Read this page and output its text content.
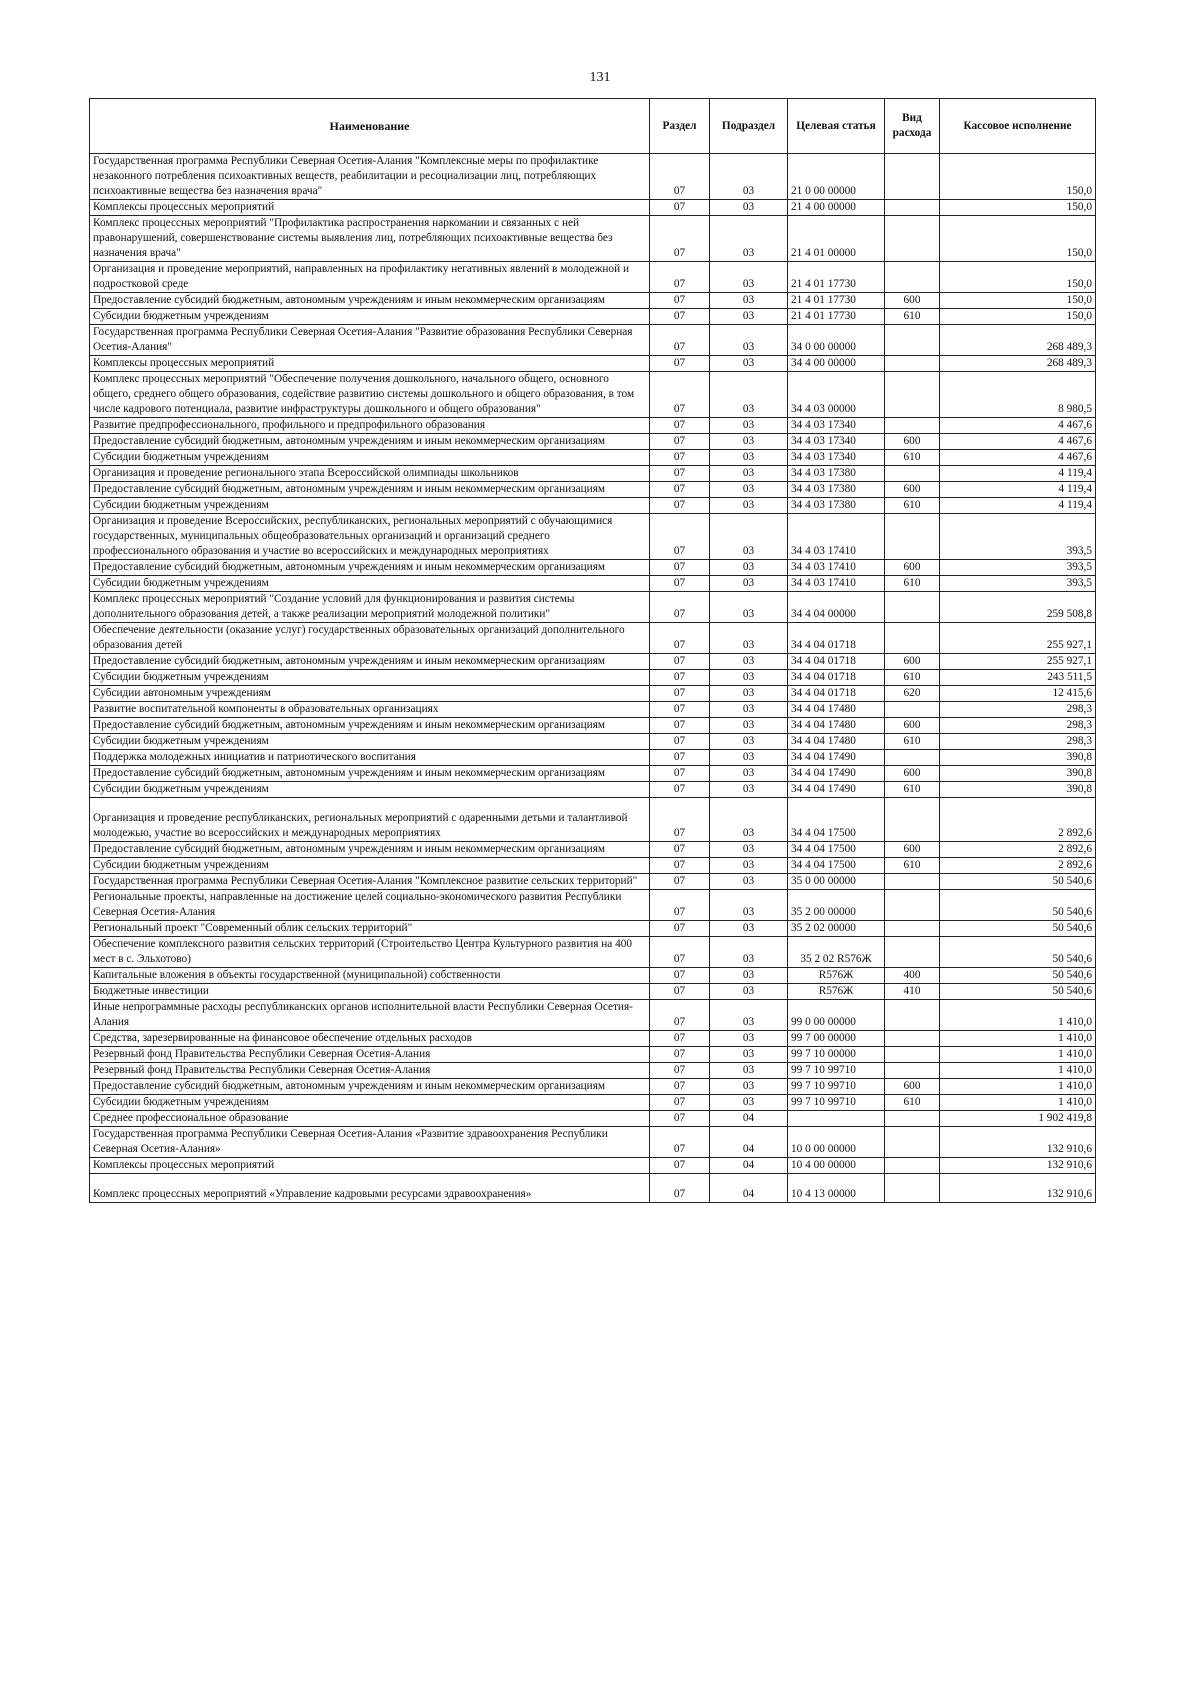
131
Наименование	Раздел	Подраздел	Целевая статья	Вид расхода	Кассовое исполнение
Государственная программа Республики Северная Осетия-Алания "Комплексные меры по профилактике незаконного потребления психоактивных веществ, реабилитации и ресоциализации лиц, потребляющих психоактивные вещества без назначения врача"	07	03	21 0 00 00000		150,0
Комплексы процессных мероприятий	07	03	21 4 00 00000		150,0
Комплекс процессных мероприятий "Профилактика распространения наркомании и связанных с ней правонарушений, совершенствование системы выявления лиц, потребляющих психоактивные вещества без назначения врача"	07	03	21 4 01 00000		150,0
Организация и проведение мероприятий, направленных на профилактику негативных явлений в молодежной и подростковой среде	07	03	21 4 01 17730		150,0
Предоставление субсидий бюджетным, автономным учреждениям и иным некоммерческим организациям	07	03	21 4 01 17730	600	150,0
Субсидии бюджетным учреждениям	07	03	21 4 01 17730	610	150,0
Государственная программа Республики Северная Осетия-Алания "Развитие образования Республики Северная Осетия-Алания"	07	03	34 0 00 00000		268 489,3
Комплексы процессных мероприятий	07	03	34 4 00 00000		268 489,3
Комплекс процессных мероприятий "Обеспечение получения дошкольного, начального общего, основного общего, среднего общего образования, содействие развитию системы дошкольного и общего образования, в том числе кадрового потенциала, развитие инфраструктуры дошкольного и общего образования"	07	03	34 4 03 00000		8 980,5
Развитие предпрофессионального, профильного и предпрофильного образования	07	03	34 4 03 17340		4 467,6
Предоставление субсидий бюджетным, автономным учреждениям и иным некоммерческим организациям	07	03	34 4 03 17340	600	4 467,6
Субсидии бюджетным учреждениям	07	03	34 4 03 17340	610	4 467,6
Организация и проведение регионального этапа Всероссийской олимпиады школьников	07	03	34 4 03 17380		4 119,4
Предоставление субсидий бюджетным, автономным учреждениям и иным некоммерческим организациям	07	03	34 4 03 17380	600	4 119,4
Субсидии бюджетным учреждениям	07	03	34 4 03 17380	610	4 119,4
Организация и проведение Всероссийских, республиканских, региональных мероприятий с обучающимися государственных, муниципальных общеобразовательных организаций и организаций среднего профессионального образования и участие во всероссийских и международных мероприятиях	07	03	34 4 03 17410		393,5
Предоставление субсидий бюджетным, автономным учреждениям и иным некоммерческим организациям	07	03	34 4 03 17410	600	393,5
Субсидии бюджетным учреждениям	07	03	34 4 03 17410	610	393,5
Комплекс процессных мероприятий "Создание условий для функционирования и развития системы дополнительного образования детей, а также реализации мероприятий молодежной политики"	07	03	34 4 04 00000		259 508,8
Обеспечение деятельности (оказание услуг) государственных образовательных организаций дополнительного образования детей	07	03	34 4 04 01718		255 927,1
Предоставление субсидий бюджетным, автономным учреждениям и иным некоммерческим организациям	07	03	34 4 04 01718	600	255 927,1
Субсидии бюджетным учреждениям	07	03	34 4 04 01718	610	243 511,5
Субсидии автономным учреждениям	07	03	34 4 04 01718	620	12 415,6
Развитие воспитательной компоненты в образовательных организациях	07	03	34 4 04 17480		298,3
Предоставление субсидий бюджетным, автономным учреждениям и иным некоммерческим организациям	07	03	34 4 04 17480	600	298,3
Субсидии бюджетным учреждениям	07	03	34 4 04 17480	610	298,3
Поддержка молодежных инициатив и патриотического воспитания	07	03	34 4 04 17490		390,8
Предоставление субсидий бюджетным, автономным учреждениям и иным некоммерческим организациям	07	03	34 4 04 17490	600	390,8
Субсидии бюджетным учреждениям	07	03	34 4 04 17490	610	390,8
Организация и проведение республиканских, региональных мероприятий с одаренными детьми и талантливой молодежью, участие во всероссийских и международных мероприятиях	07	03	34 4 04 17500		2 892,6
Предоставление субсидий бюджетным, автономным учреждениям и иным некоммерческим организациям	07	03	34 4 04 17500	600	2 892,6
Субсидии бюджетным учреждениям	07	03	34 4 04 17500	610	2 892,6
Государственная программа Республики Северная Осетия-Алания "Комплексное развитие сельских территорий"	07	03	35 0 00 00000		50 540,6
Региональные проекты, направленные на достижение целей социально-экономического развития Республики Северная Осетия-Алания	07	03	35 2 00 00000		50 540,6
Региональный проект "Современный облик сельских территорий"	07	03	35 2 02 00000		50 540,6
Обеспечение комплексного развития сельских территорий (Строительство Центра Культурного развития на 400 мест в с. Эльхотово)	07	03	35 2 02 R576Ж		50 540,6
Капитальные вложения в объекты государственной (муниципальной) собственности	07	03	R576Ж	400	50 540,6
Бюджетные инвестиции	07	03	R576Ж	410	50 540,6
Иные непрограммные расходы республиканских органов исполнительной власти Республики Северная Осетия-Алания	07	03	99 0 00 00000		1 410,0
Средства, зарезервированные на финансовое обеспечение отдельных расходов	07	03	99 7 00 00000		1 410,0
Резервный фонд Правительства Республики Северная Осетия-Алания	07	03	99 7 10 00000		1 410,0
Резервный фонд Правительства Республики Северная Осетия-Алания	07	03	99 7 10 99710		1 410,0
Предоставление субсидий бюджетным, автономным учреждениям и иным некоммерческим организациям	07	03	99 7 10 99710	600	1 410,0
Субсидии бюджетным учреждениям	07	03	99 7 10 99710	610	1 410,0
Среднее профессиональное образование	07	04			1 902 419,8
Государственная программа Республики Северная Осетия-Алания «Развитие здравоохранения Республики Северная Осетия-Алания»	07	04	10 0 00 00000		132 910,6
Комплексы процессных мероприятий	07	04	10 4 00 00000		132 910,6
Комплекс процессных мероприятий «Управление кадровыми ресурсами здравоохранения»	07	04	10 4 13 00000		132 910,6
